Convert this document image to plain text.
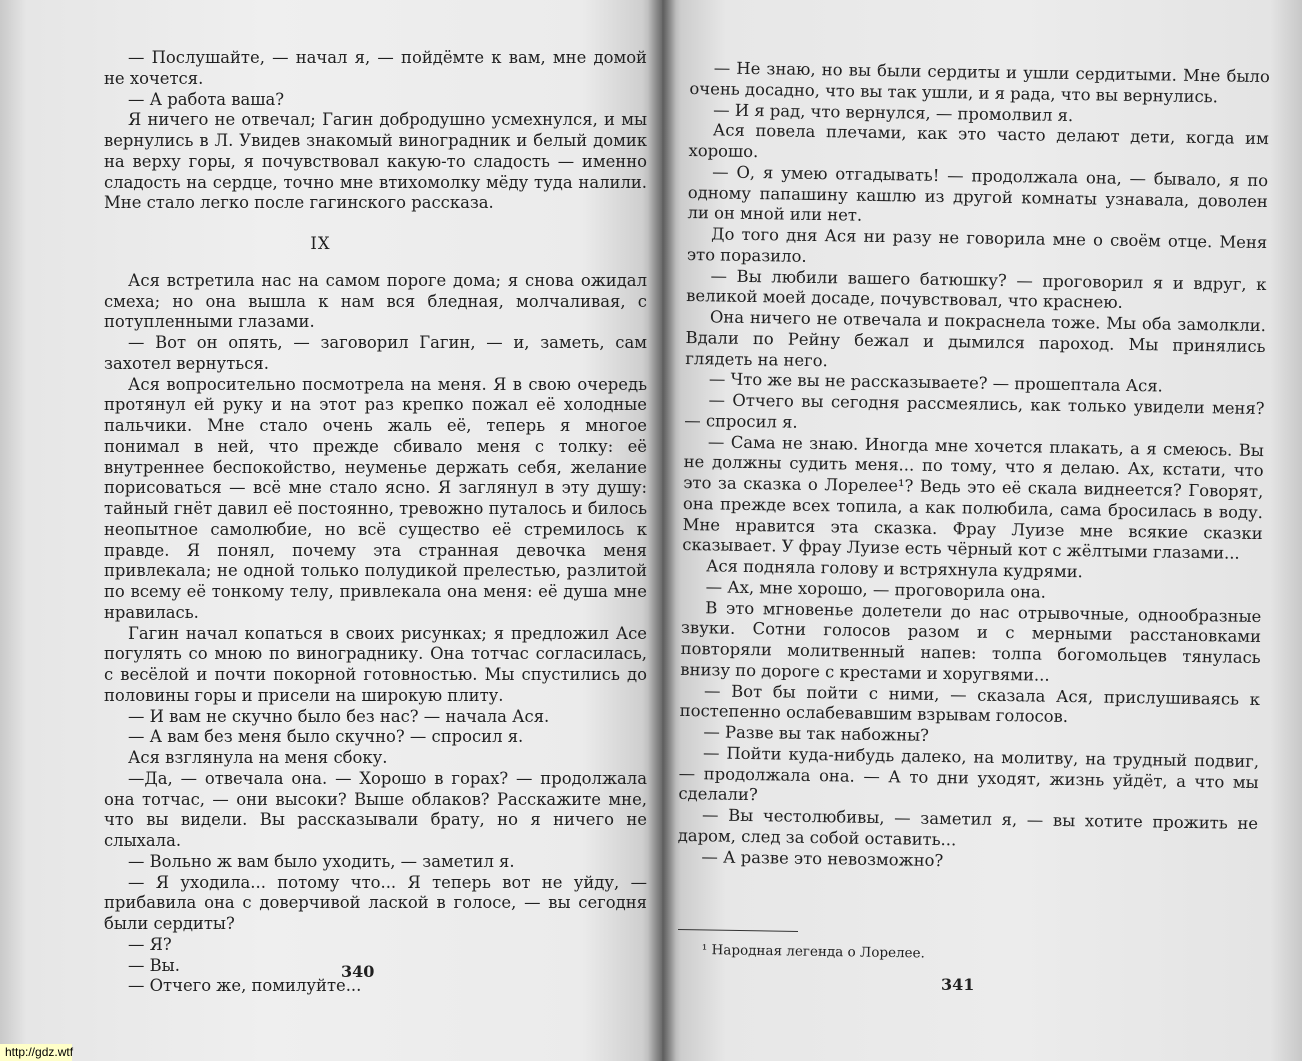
— Послушайте, — начал я, — пойдёмте к вам, мне домой не хочется.

— А работа ваша?

Я ничего не отвечал; Гагин добродушно усмехнулся, и мы вернулись в Л. Увидев знакомый виноградник и белый домик на верху горы, я почувствовал какую-то сладость — именно сладость на сердце, точно мне втихомолку мёду туда налили. Мне стало легко после гагинского рассказа.

IX

Ася встретила нас на самом пороге дома; я снова ожидал смеха; но она вышла к нам вся бледная, молчаливая, с потупленными глазами.

— Вот он опять, — заговорил Гагин, — и, заметь, сам захотел вернуться.

Ася вопросительно посмотрела на меня. Я в свою очередь протянул ей руку и на этот раз крепко пожал её холодные пальчики. Мне стало очень жаль её, теперь я многое понимал в ней, что прежде сбивало меня с толку: её внутреннее беспокойство, неуменье держать себя, желание порисоваться — всё мне стало ясно. Я заглянул в эту душу: тайный гнёт давил её постоянно, тревожно путалось и билось неопытное самолюбие, но всё существо её стремилось к правде. Я понял, почему эта странная девочка меня привлекала; не одной только полудикой прелестью, разлитой по всему её тонкому телу, привлекала она меня: её душа мне нравилась.

Гагин начал копаться в своих рисунках; я предложил Асе погулять со мною по винограднику. Она тотчас согласилась, с весёлой и почти покорной готовностью. Мы спустились до половины горы и присели на широкую плиту.

— И вам не скучно было без нас? — начала Ася.

— А вам без меня было скучно? — спросил я.

Ася взглянула на меня сбоку.

—Да, — отвечала она. — Хорошо в горах? — продолжала она тотчас, — они высоки? Выше облаков? Расскажите мне, что вы видели. Вы рассказывали брату, но я ничего не слыхала.

— Вольно ж вам было уходить, — заметил я.

— Я уходила... потому что... Я теперь вот не уйду, — прибавила она с доверчивой лаской в голосе, — вы сегодня были сердиты?

— Я?

— Вы.

— Отчего же, помилуйте...

340

— Не знаю, но вы были сердиты и ушли сердитыми. Мне было очень досадно, что вы так ушли, и я рада, что вы вернулись.

— И я рад, что вернулся, — промолвил я.

Ася повела плечами, как это часто делают дети, когда им хорошо.

— О, я умею отгадывать! — продолжала она, — бывало, я по одному папашину кашлю из другой комнаты узнавала, доволен ли он мной или нет.

До того дня Ася ни разу не говорила мне о своём отце. Меня это поразило.

— Вы любили вашего батюшку? — проговорил я и вдруг, к великой моей досаде, почувствовал, что краснею.

Она ничего не отвечала и покраснела тоже. Мы оба замолкли. Вдали по Рейну бежал и дымился пароход. Мы принялись глядеть на него.

— Что же вы не рассказываете? — прошептала Ася.

— Отчего вы сегодня рассмеялись, как только увидели меня? — спросил я.

— Сама не знаю. Иногда мне хочется плакать, а я смеюсь. Вы не должны судить меня... по тому, что я делаю. Ах, кстати, что это за сказка о Лорелее¹? Ведь это её скала виднеется? Говорят, она прежде всех топила, а как полюбила, сама бросилась в воду. Мне нравится эта сказка. Фрау Луизе мне всякие сказки сказывает. У фрау Луизе есть чёрный кот с жёлтыми глазами...

Ася подняла голову и встряхнула кудрями.

— Ах, мне хорошо, — проговорила она.

В это мгновенье долетели до нас отрывочные, однообразные звуки. Сотни голосов разом и с мерными расстановками повторяли молитвенный напев: толпа богомольцев тянулась внизу по дороге с крестами и хоругвями...

— Вот бы пойти с ними, — сказала Ася, прислушиваясь к постепенно ослабевавшим взрывам голосов.

— Разве вы так набожны?

— Пойти куда-нибудь далеко, на молитву, на трудный подвиг, — продолжала она. — А то дни уходят, жизнь уйдёт, а что мы сделали?

— Вы честолюбивы, — заметил я, — вы хотите прожить не даром, след за собой оставить...

— А разве это невозможно?

¹ Народная легенда о Лорелее.
341
http://gdz.wtf
